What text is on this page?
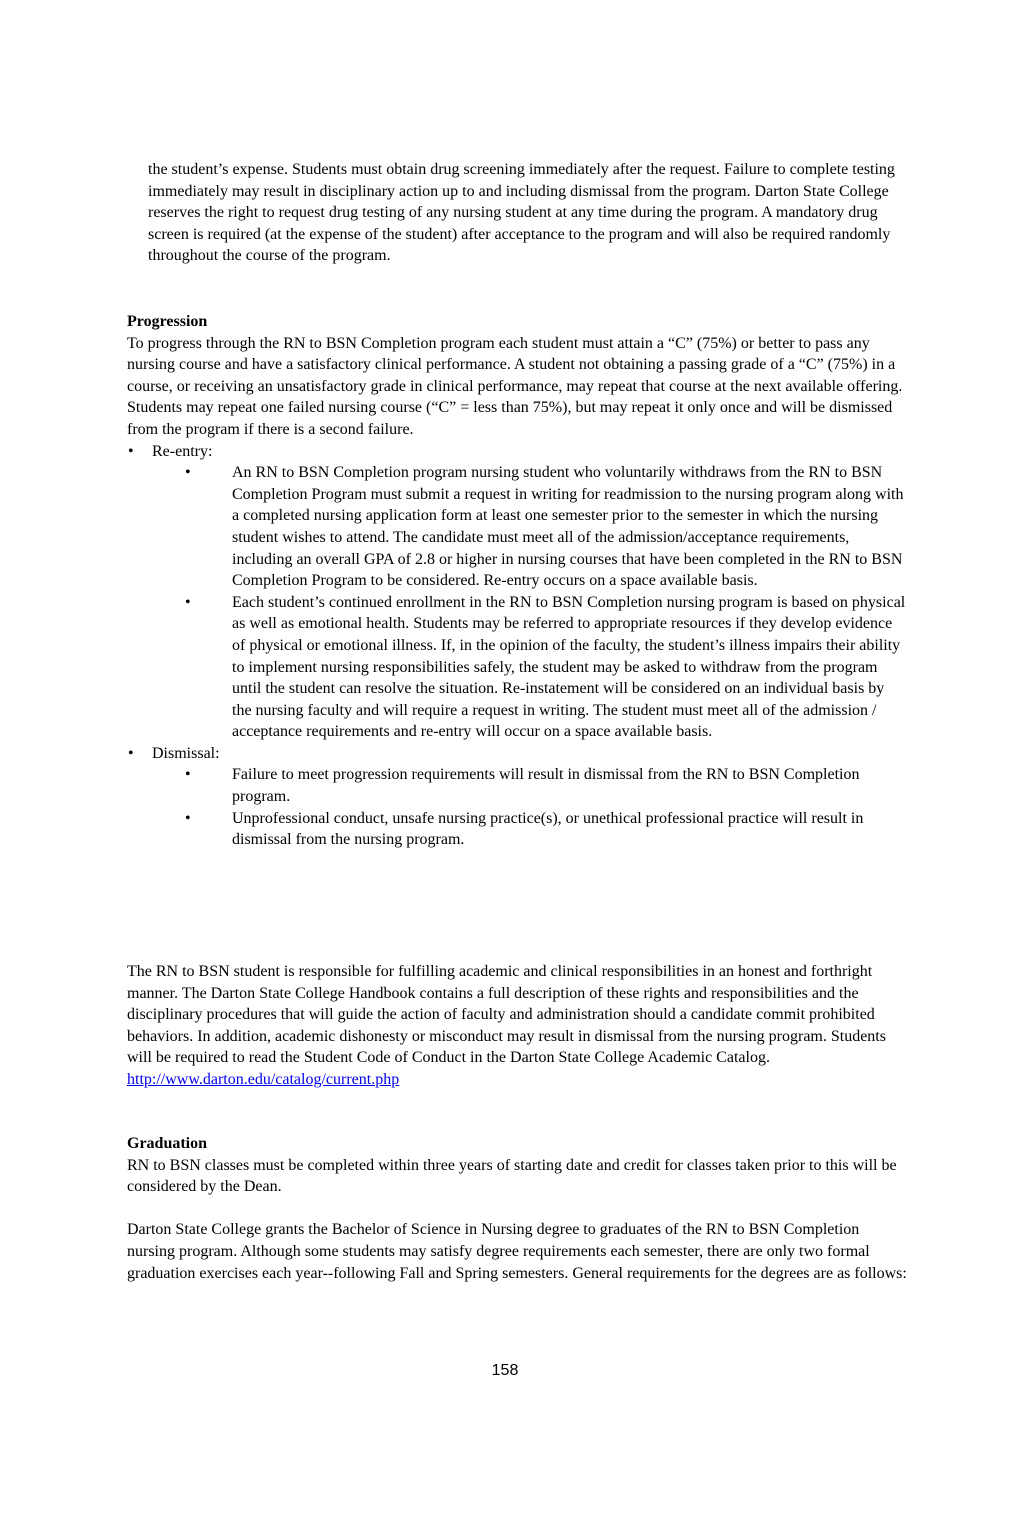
the student’s expense. Students must obtain drug screening immediately after the request. Failure to complete testing immediately may result in disciplinary action up to and including dismissal from the program. Darton State College reserves the right to request drug testing of any nursing student at any time during the program. A mandatory drug screen is required (at the expense of the student) after acceptance to the program and will also be required randomly throughout the course of the program.

Progression

To progress through the RN to BSN Completion program each student must attain a “C” (75%) or better to pass any nursing course and have a satisfactory clinical performance. A student not obtaining a passing grade of a “C” (75%) in a course, or receiving an unsatisfactory grade in clinical performance, may repeat that course at the next available offering. Students may repeat one failed nursing course (“C” = less than 75%), but may repeat it only once and will be dismissed from the program if there is a second failure.

• Re-entry:
•	An RN to BSN Completion program nursing student who voluntarily withdraws from the RN to BSN Completion Program must submit a request in writing for readmission to the nursing program along with a completed nursing application form at least one semester prior to the semester in which the nursing student wishes to attend. The candidate must meet all of the admission/acceptance requirements, including an overall GPA of 2.8 or higher in nursing courses that have been completed in the RN to BSN Completion Program to be considered. Re-entry occurs on a space available basis.
•	Each student’s continued enrollment in the RN to BSN Completion nursing program is based on physical as well as emotional health. Students may be referred to appropriate resources if they develop evidence of physical or emotional illness. If, in the opinion of the faculty, the student’s illness impairs their ability to implement nursing responsibilities safely, the student may be asked to withdraw from the program until the student can resolve the situation. Re-instatement will be considered on an individual basis by the nursing faculty and will require a request in writing. The student must meet all of the admission / acceptance requirements and re-entry will occur on a space available basis.
• Dismissal:
•	Failure to meet progression requirements will result in dismissal from the RN to BSN Completion program.
•	Unprofessional conduct, unsafe nursing practice(s), or unethical professional practice will result in dismissal from the nursing program.

The RN to BSN student is responsible for fulfilling academic and clinical responsibilities in an honest and forthright manner. The Darton State College Handbook contains a full description of these rights and responsibilities and the disciplinary procedures that will guide the action of faculty and administration should a candidate commit prohibited behaviors. In addition, academic dishonesty or misconduct may result in dismissal from the nursing program. Students will be required to read the Student Code of Conduct in the Darton State College Academic Catalog.

http://www.darton.edu/catalog/current.php

Graduation

RN to BSN classes must be completed within three years of starting date and credit for classes taken prior to this will be considered by the Dean.

Darton State College grants the Bachelor of Science in Nursing degree to graduates of the RN to BSN Completion nursing program. Although some students may satisfy degree requirements each semester, there are only two formal graduation exercises each year--following Fall and Spring semesters. General requirements for the degrees are as follows:

158
